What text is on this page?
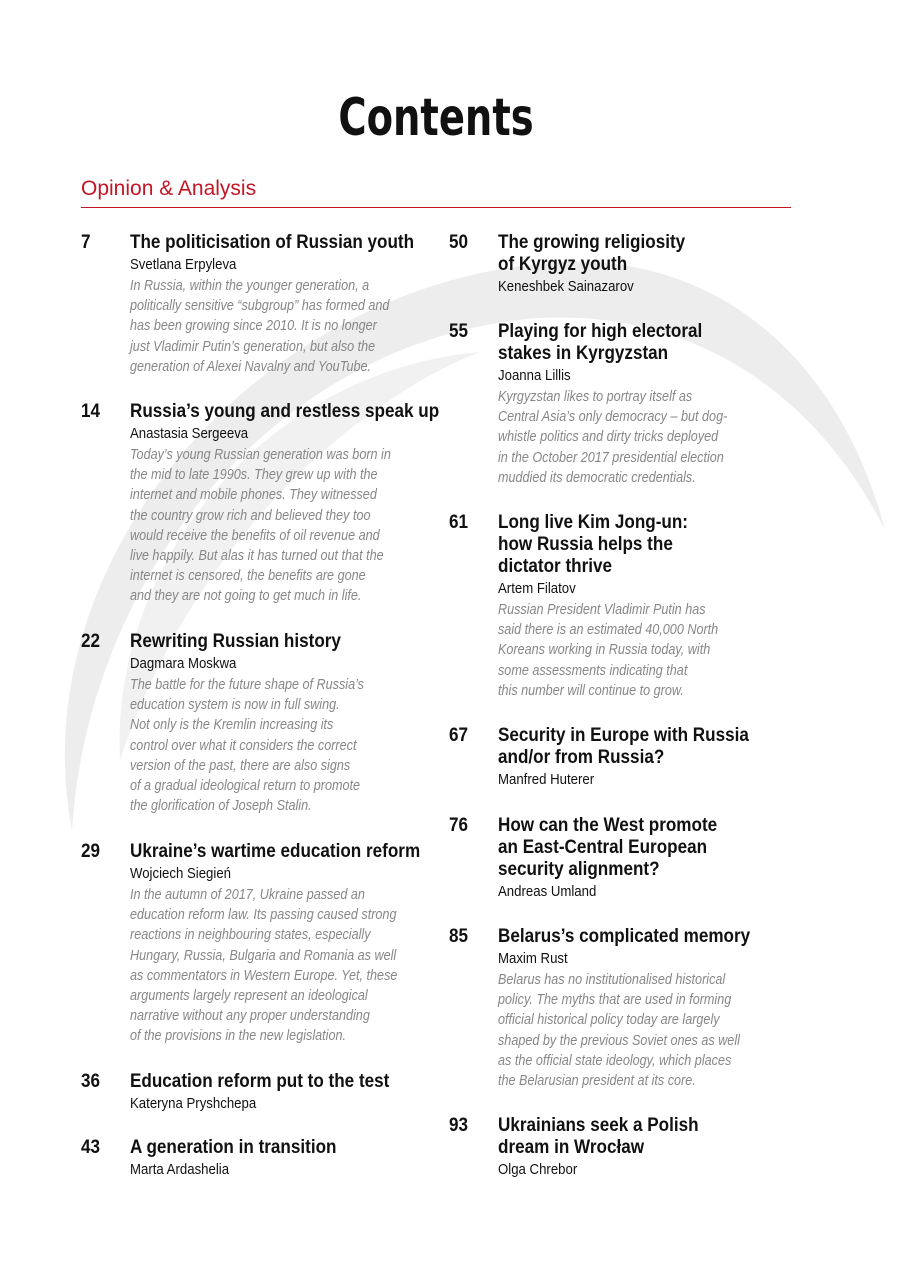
Contents
Opinion & Analysis
7 The politicisation of Russian youth
Svetlana Erpyleva
In Russia, within the younger generation, a
politically sensitive “subgroup” has formed and
has been growing since 2010. It is no longer
just Vladimir Putin’s generation, but also the
generation of Alexei Navalny and YouTube.
14 Russia’s young and restless speak up
Anastasia Sergeeva
Today’s young Russian generation was born in
the mid to late 1990s. They grew up with the
internet and mobile phones. They witnessed
the country grow rich and believed they too
would receive the benefits of oil revenue and
live happily. But alas it has turned out that the
internet is censored, the benefits are gone
and they are not going to get much in life.
22 Rewriting Russian history
Dagmara Moskwa
The battle for the future shape of Russia’s
education system is now in full swing.
Not only is the Kremlin increasing its
control over what it considers the correct
version of the past, there are also signs
of a gradual ideological return to promote
the glorification of Joseph Stalin.
29 Ukraine’s wartime education reform
Wojciech Siegień
In the autumn of 2017, Ukraine passed an
education reform law. Its passing caused strong
reactions in neighbouring states, especially
Hungary, Russia, Bulgaria and Romania as well
as commentators in Western Europe. Yet, these
arguments largely represent an ideological
narrative without any proper understanding
of the provisions in the new legislation.
36 Education reform put to the test
Kateryna Pryshchepa
43 A generation in transition
Marta Ardashelia
50 The growing religiosity
of Kyrgyz youth
Keneshbek Sainazarov
55 Playing for high electoral
stakes in Kyrgyzstan
Joanna Lillis
Kyrgyzstan likes to portray itself as
Central Asia’s only democracy – but dog-
whistle politics and dirty tricks deployed
in the October 2017 presidential election
muddied its democratic credentials.
61 Long live Kim Jong-un:
how Russia helps the
dictator thrive
Artem Filatov
Russian President Vladimir Putin has
said there is an estimated 40,000 North
Koreans working in Russia today, with
some assessments indicating that
this number will continue to grow.
67 Security in Europe with Russia
and/or from Russia?
Manfred Huterer
76 How can the West promote
an East-Central European
security alignment?
Andreas Umland
85 Belarus’s complicated memory
Maxim Rust
Belarus has no institutionalised historical
policy. The myths that are used in forming
official historical policy today are largely
shaped by the previous Soviet ones as well
as the official state ideology, which places
the Belarusian president at its core.
93 Ukrainians seek a Polish
dream in Wrocław
Olga Chrebor
